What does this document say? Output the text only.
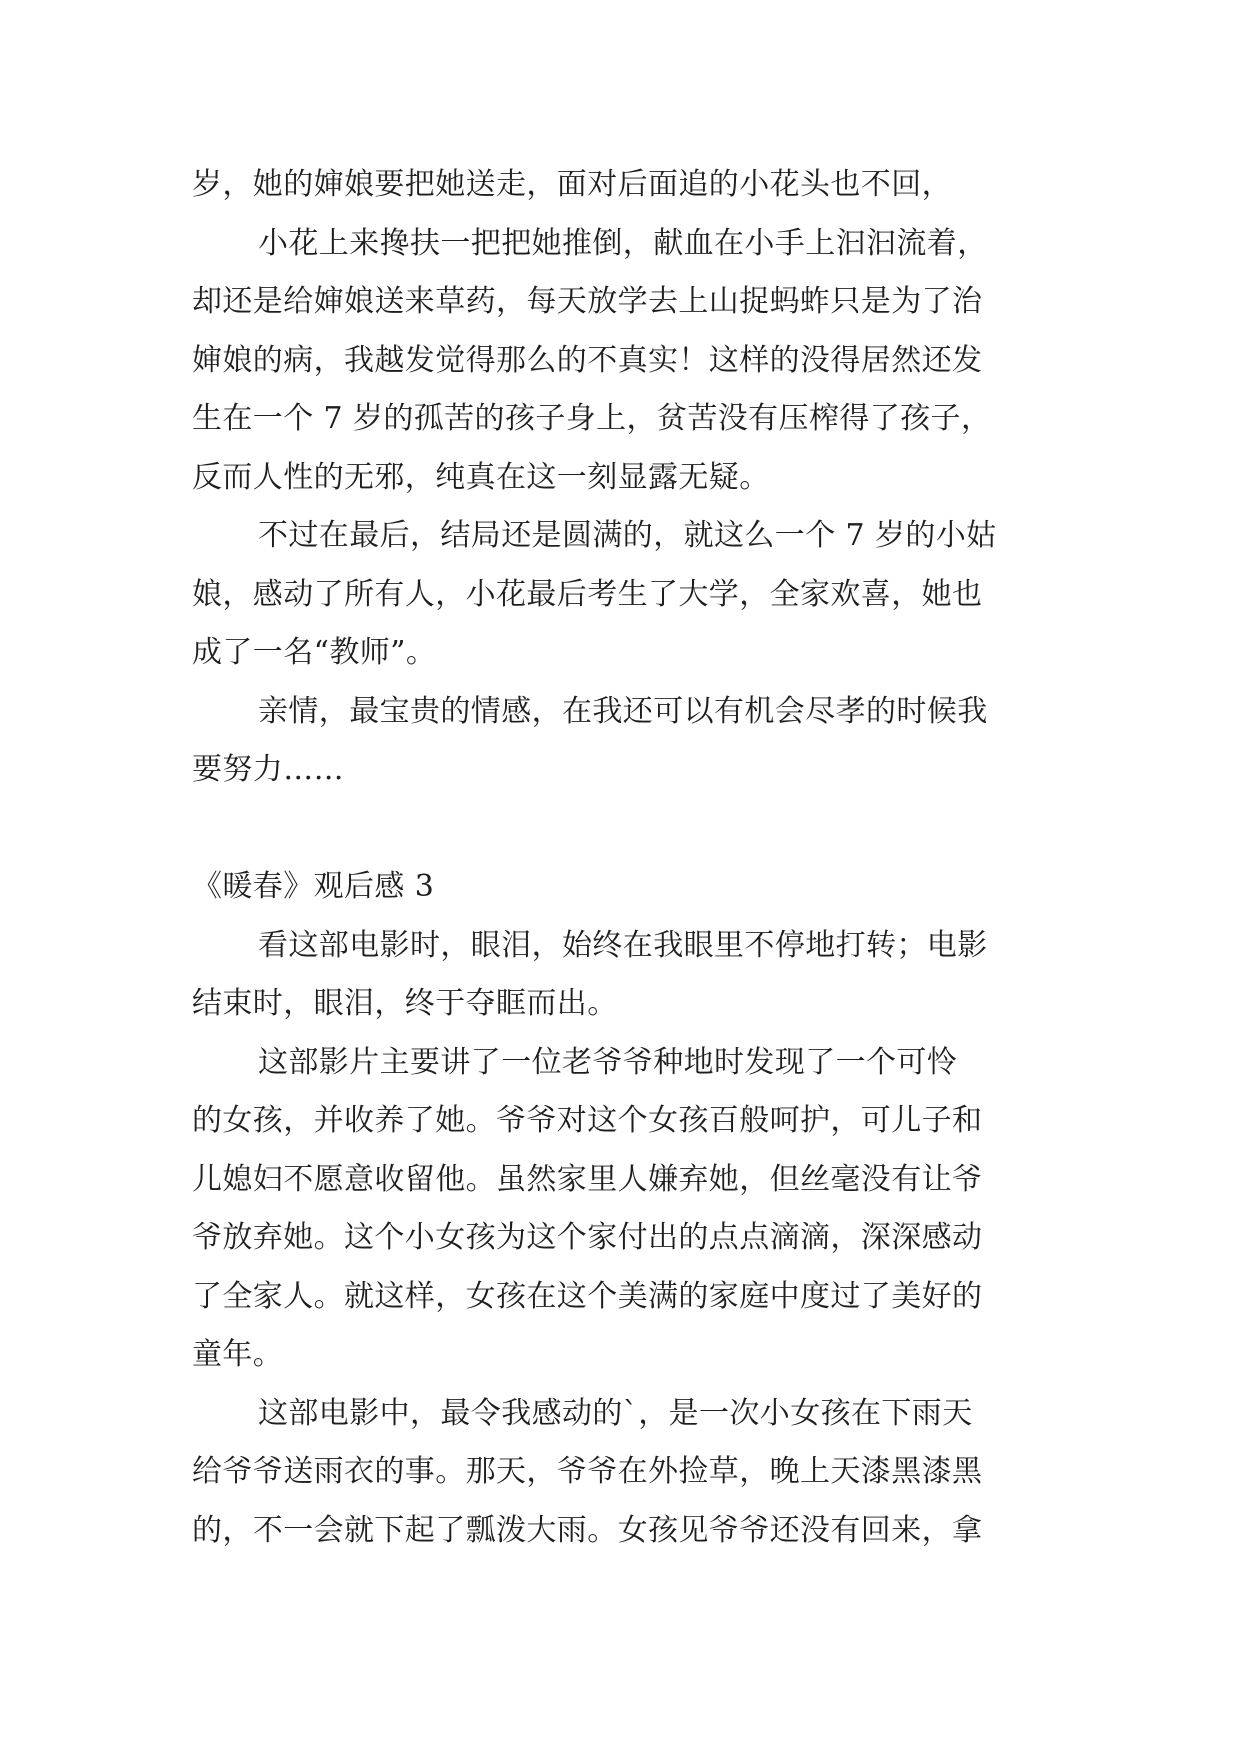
岁，她的婶娘要把她送走，面对后面追的小花头也不回，
小花上来搀扶一把把她推倒，献血在小手上汩汩流着，
却还是给婶娘送来草药，每天放学去上山捉蚂蚱只是为了治
婶娘的病，我越发觉得那么的不真实！这样的没得居然还发
生在一个 7 岁的孤苦的孩子身上，贫苦没有压榨得了孩子，
反而人性的无邪，纯真在这一刻显露无疑。
不过在最后，结局还是圆满的，就这么一个 7 岁的小姑
娘，感动了所有人，小花最后考生了大学，全家欢喜，她也
成了一名“教师”。
亲情，最宝贵的情感，在我还可以有机会尽孝的时候我
要努力……
《暖春》观后感 3
看这部电影时，眼泪，始终在我眼里不停地打转；电影
结束时，眼泪，终于夺眶而出。
这部影片主要讲了一位老爷爷种地时发现了一个可怜
的女孩，并收养了她。爷爷对这个女孩百般呵护，可儿子和
儿媳妇不愿意收留他。虽然家里人嫌弃她，但丝毫没有让爷
爷放弃她。这个小女孩为这个家付出的点点滴滴，深深感动
了全家人。就这样，女孩在这个美满的家庭中度过了美好的
童年。
这部电影中，最令我感动的`，是一次小女孩在下雨天
给爷爷送雨衣的事。那天，爷爷在外捡草，晚上天漆黑漆黑
的，不一会就下起了瓢泼大雨。女孩见爷爷还没有回来，拿
